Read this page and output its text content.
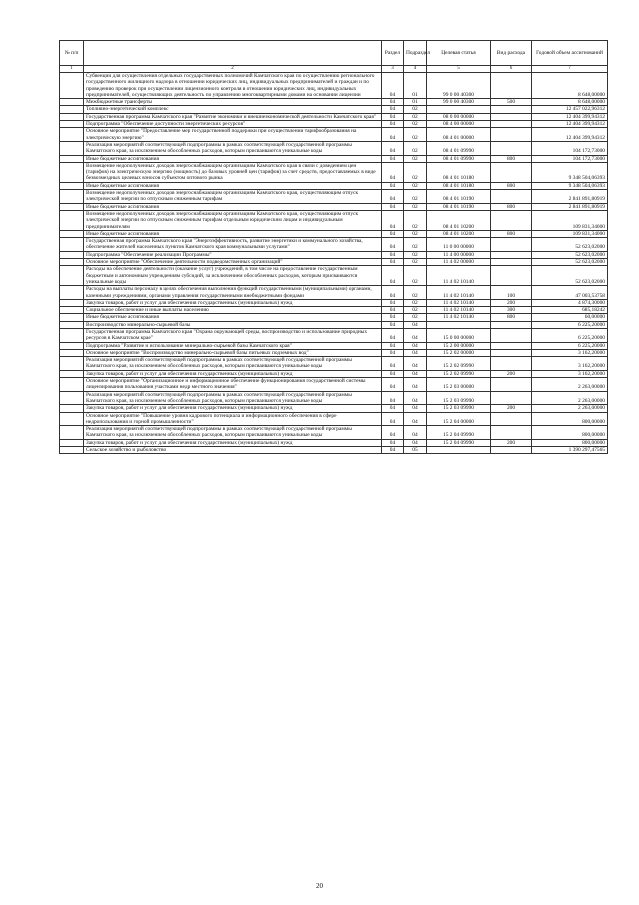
№ п/п		Раздел	Подраздел	Целевая статья	Вид расхода	Годовой объем ассигнований
1	2	3	4	5	6	7
	Субвенции для осуществления отдельных государственных полномочий Камчатского края по осуществлению регионального государственного жилищного надзора в отношении юридических лиц, индивидуальных предпринимателей и граждан и по проведению проверок при осуществлении лицензионного контроля в отношении юридических лиц, индивидуальных предпринимателей, осуществляющих деятельность по управлению многоквартирными домами на основании лицензии	04	01	99 0 00 40300		8 648,00000
	Межбюджетные трансферты	04	01	99 0 00 40300	500	8 648,00000
	Топливно-энергетический комплекс	04	02			12 457 022,96312
	Государственная программа Камчатского края "Развитие экономики и внешнеэкономической деятельности Камчатского края"	04	02	08 0 00 00000		12 404 399,94312
	Подпрограмма "Обеспечение доступности энергетических ресурсов"	04	02	08 4 00 00000		12 404 399,94312
	Основное мероприятие "Предоставление мер государственной поддержки при осуществлении тарифообразования на электрическую энергию"	04	02	08 4 01 00000		12 404 399,94312
	Реализация мероприятий соответствующей подпрограммы в рамках соответствующей государственной программы Камчатского края, за исключением обособленных расходов, которым присваиваются уникальные коды	04	02	08 4 01 09990		104 172,73000
	Иные бюджетные ассигнования	04	02	08 4 01 09990	800	104 172,73000
	Возмещение недополученных доходов энергоснабжающим организациям Камчатского края в связи с доведением цен (тарифов) на электрическую энергию (мощность) до базовых уровней цен (тарифов) за счет средств, предоставляемых в виде безвозмездных целевых взносов субъектом оптового рынка	04	02	08 4 01 10180		9 348 504,06393
	Иные бюджетные ассигнования	04	02	08 4 01 10180	800	9 348 504,06393
	Возмещение недополученных доходов энергоснабжающим организациям Камчатского края, осуществляющим отпуск электрической энергии по отпускным сниженным тарифам	04	02	08 4 01 10190		2 841 891,80919
	Иные бюджетные ассигнования	04	02	08 4 01 10190	800	2 841 891,80919
	Возмещение недополученных доходов энергоснабжающим организациям Камчатского края, осуществляющим отпуск электрической энергии по отпускным сниженным тарифам отдельным юридическим лицам и индивидуальным предпринимателям	04	02	08 4 01 10200		109 831,34000
	Иные бюджетные ассигнования	04	02	08 4 01 10200	800	109 831,34000
	Государственная программа Камчатского края "Энергоэффективность, развитие энергетики и коммунального хозяйства, обеспечение жителей населенных пунктов Камчатского края коммунальными услугами"	04	02	11 0 00 00000		52 623,02000
	Подпрограмма "Обеспечение реализации Программы"	04	02	11 4 00 00000		52 623,02000
	Основное мероприятие "Обеспечение деятельности подведомственных организаций"	04	02	11 4 02 00000		52 623,02000
	Расходы на обеспечение деятельности (оказание услуг) учреждений, в том числе на предоставление государственным бюджетным и автономным учреждениям субсидий, за исключением обособленных расходов, которым присваиваются уникальные коды	04	02	11 4 02 10140		52 623,02000
	Расходы на выплаты персоналу в целях обеспечения выполнения функций государственными (муниципальными) органами, казенными учреждениями, органами управления государственными внебюджетными фондами	04	02	11 4 02 10140	100	47 003,53758
	Закупка товаров, работ и услуг для обеспечения государственных (муниципальных) нужд	04	02	11 4 02 10140	200	4 874,30000
	Социальное обеспечение и иные выплаты населению	04	02	11 4 02 10140	300	685,18242
	Иные бюджетные ассигнования	04	02	11 4 02 10140	800	60,00000
	Воспроизводство минерально-сырьевой базы	04	04			6 225,20000
	Государственная программа Камчатского края "Охрана окружающей среды, воспроизводство и использование природных ресурсов в Камчатском крае"	04	04	15 0 00 00000		6 225,20000
	Подпрограмма "Развитие и использование минерально-сырьевой базы Камчатского края"	04	04	15 2 00 00000		6 225,20000
	Основное мероприятие "Воспроизводство минерально-сырьевой базы питьевых подземных вод"	04	04	15 2 02 00000		3 162,20000
	Реализация мероприятий соответствующей подпрограммы в рамках соответствующей государственной программы Камчатского края, за исключением обособленных расходов, которым присваиваются уникальные коды	04	04	15 2 02 09990		3 162,20000
	Закупка товаров, работ и услуг для обеспечения государственных (муниципальных) нужд	04	04	15 2 02 09990	200	3 162,20000
	Основное мероприятие "Организационное и информационное обеспечение функционирования государственной системы лицензирования пользования участками недр местного значения"	04	04	15 2 03 00000		2 263,00000
	Реализация мероприятий соответствующей подпрограммы в рамках соответствующей государственной программы Камчатского края, за исключением обособленных расходов, которым присваиваются уникальные коды	04	04	15 2 03 09990		2 263,00000
	Закупка товаров, работ и услуг для обеспечения государственных (муниципальных) нужд	04	04	15 2 03 09990	200	2 263,00000
	Основное мероприятие "Повышение уровня кадрового потенциала и информационного обеспечения в сфере недропользования и горной промышленности"	04	04	15 2 04 00000		800,00000
	Реализация мероприятий соответствующей подпрограммы в рамках соответствующей государственной программы Камчатского края, за исключением обособленных расходов, которым присваиваются уникальные коды	04	04	15 2 04 09990		800,00000
	Закупка товаров, работ и услуг для обеспечения государственных (муниципальных) нужд	04	04	15 2 04 09990	200	800,00000
	Сельское хозяйство и рыболовство	04	05			1 390 297,47565
20
